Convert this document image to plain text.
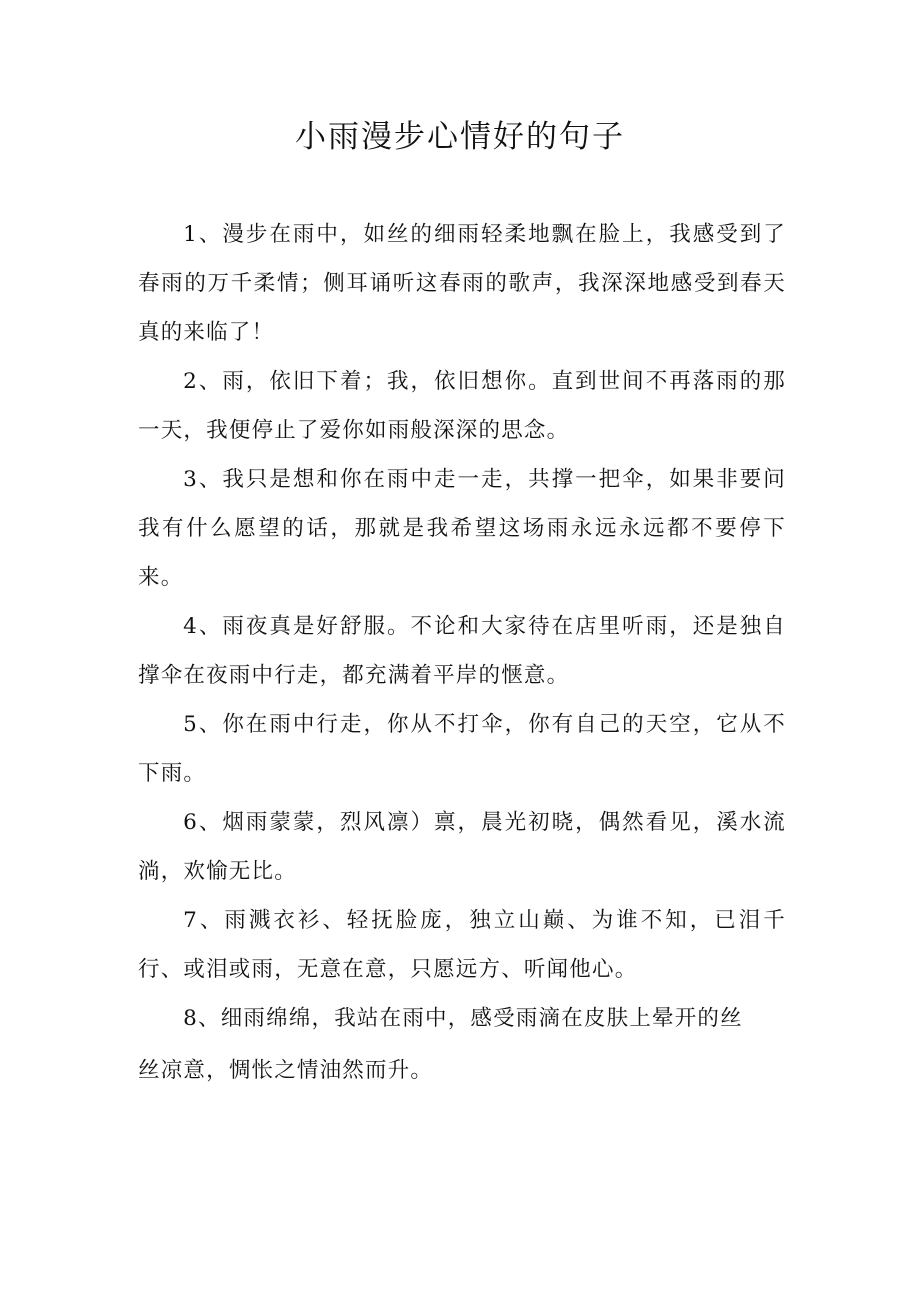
小雨漫步心情好的句子

1、漫步在雨中，如丝的细雨轻柔地飘在脸上，我感受到了春雨的万千柔情；侧耳诵听这春雨的歌声，我深深地感受到春天真的来临了！

2、雨，依旧下着；我，依旧想你。直到世间不再落雨的那一天，我便停止了爱你如雨般深深的思念。

3、我只是想和你在雨中走一走，共撑一把伞，如果非要问我有什么愿望的话，那就是我希望这场雨永远永远都不要停下来。

4、雨夜真是好舒服。不论和大家待在店里听雨，还是独自撑伞在夜雨中行走，都充满着平岸的惬意。

5、你在雨中行走，你从不打伞，你有自己的天空，它从不下雨。

6、烟雨蒙蒙，烈风凛）禀，晨光初晓，偶然看见，溪水流淌，欢愉无比。

7、雨溅衣衫、轻抚脸庞，独立山巅、为谁不知，已泪千行、或泪或雨，无意在意，只愿远方、听闻他心。

8、细雨绵绵，我站在雨中，感受雨滴在皮肤上晕开的丝
丝凉意，惆怅之情油然而升。
